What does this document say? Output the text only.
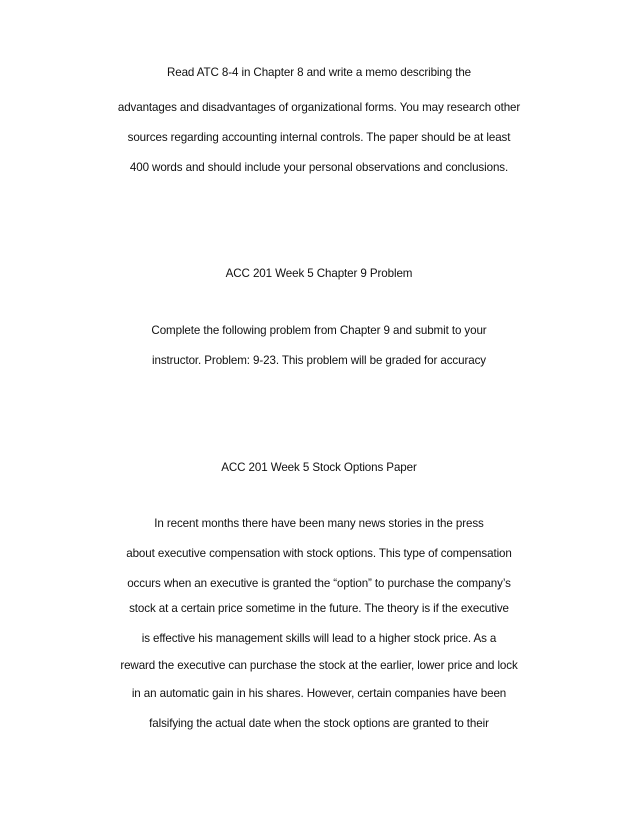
Read ATC 8-4 in Chapter 8 and write a memo describing the
advantages and disadvantages of organizational forms. You may research other
sources regarding accounting internal controls. The paper should be at least
400 words and should include your personal observations and conclusions.
ACC 201 Week 5 Chapter 9 Problem
Complete the following problem from Chapter 9 and submit to your
instructor. Problem: 9-23. This problem will be graded for accuracy
ACC 201 Week 5 Stock Options Paper
In recent months there have been many news stories in the press
about executive compensation with stock options. This type of compensation
occurs when an executive is granted the “option” to purchase the company’s
stock at a certain price sometime in the future. The theory is if the executive
is effective his management skills will lead to a higher stock price. As a
reward the executive can purchase the stock at the earlier, lower price and lock
in an automatic gain in his shares. However, certain companies have been
falsifying the actual date when the stock options are granted to their
